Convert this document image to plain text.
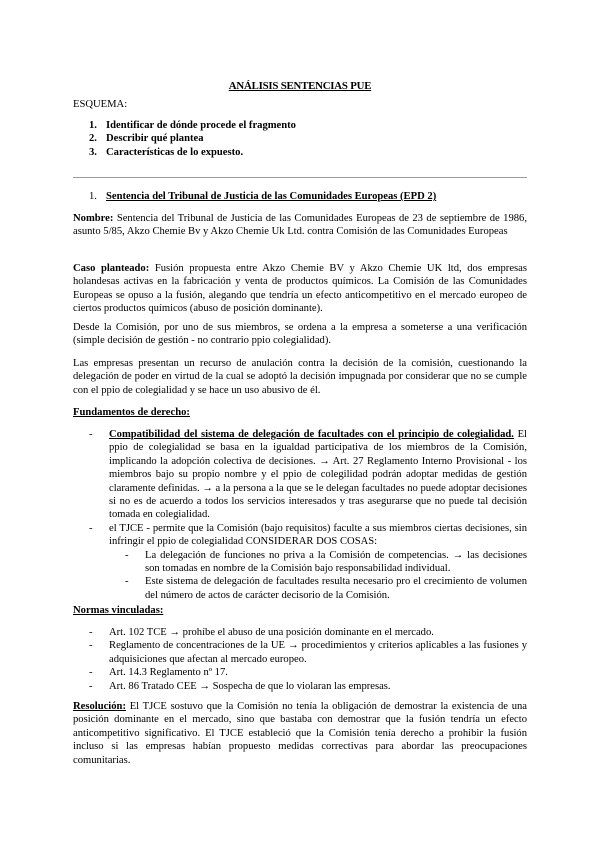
ANÁLISIS SENTENCIAS PUE
ESQUEMA:
1. Identificar de dónde procede el fragmento
2. Describir qué plantea
3. Características de lo expuesto.
1. Sentencia del Tribunal de Justicia de las Comunidades Europeas (EPD 2)

Nombre: Sentencia del Tribunal de Justicia de las Comunidades Europeas de 23 de septiembre de 1986, asunto 5/85, Akzo Chemie Bv y Akzo Chemie Uk Ltd. contra Comisión de las Comunidades Europeas

Caso planteado: Fusión propuesta entre Akzo Chemie BV y Akzo Chemie UK ltd, dos empresas holandesas activas en la fabricación y venta de productos químicos. La Comisión de las Comunidades Europeas se opuso a la fusión, alegando que tendría un efecto anticompetitivo en el mercado europeo de ciertos productos químicos (abuso de posición dominante).

Desde la Comisión, por uno de sus miembros, se ordena a la empresa a someterse a una verificación (simple decisión de gestión - no contrario ppio colegialidad).

Las empresas presentan un recurso de anulación contra la decisión de la comisión, cuestionando la delegación de poder en virtud de la cual se adoptó la decisión impugnada por considerar que no se cumple con el ppio de colegialidad y se hace un uso abusivo de él.

Fundamentos de derecho:
- Compatibilidad del sistema de delegación de facultades con el principio de colegialidad. El ppio de colegialidad se basa en la igualdad participativa de los miembros de la Comisión, implicando la adopción colectiva de decisiones. → Art. 27 Reglamento Interno Provisional - los miembros bajo su propio nombre y el ppio de colegilidad podrán adoptar medidas de gestión claramente definidas. → a la persona a la que se le delegan facultades no puede adoptar decisiones si no es de acuerdo a todos los servicios interesados y tras asegurarse que no puede tal decisión tomada en colegialidad.
- el TJCE - permite que la Comisión (bajo requisitos) faculte a sus miembros ciertas decisiones, sin infringir el ppio de colegialidad CONSIDERAR DOS COSAS:
- La delegación de funciones no priva a la Comisión de competencias. → las decisiones son tomadas en nombre de la Comisión bajo responsabilidad individual.
- Este sistema de delegación de facultades resulta necesario pro el crecimiento de volumen del número de actos de carácter decisorio de la Comisión.
Normas vinculadas:
- Art. 102 TCE → prohíbe el abuso de una posición dominante en el mercado.
- Reglamento de concentraciones de la UE → procedimientos y criterios aplicables a las fusiones y adquisiciones que afectan al mercado europeo.
- Art. 14.3 Reglamento nº 17.
- Art. 86 Tratado CEE → Sospecha de que lo violaran las empresas.

Resolución: El TJCE sostuvo que la Comisión no tenía la obligación de demostrar la existencia de una posición dominante en el mercado, sino que bastaba con demostrar que la fusión tendría un efecto anticompetitivo significativo. El TJCE estableció que la Comisión tenía derecho a prohibir la fusión incluso si las empresas habían propuesto medidas correctivas para abordar las preocupaciones comunitarias.
